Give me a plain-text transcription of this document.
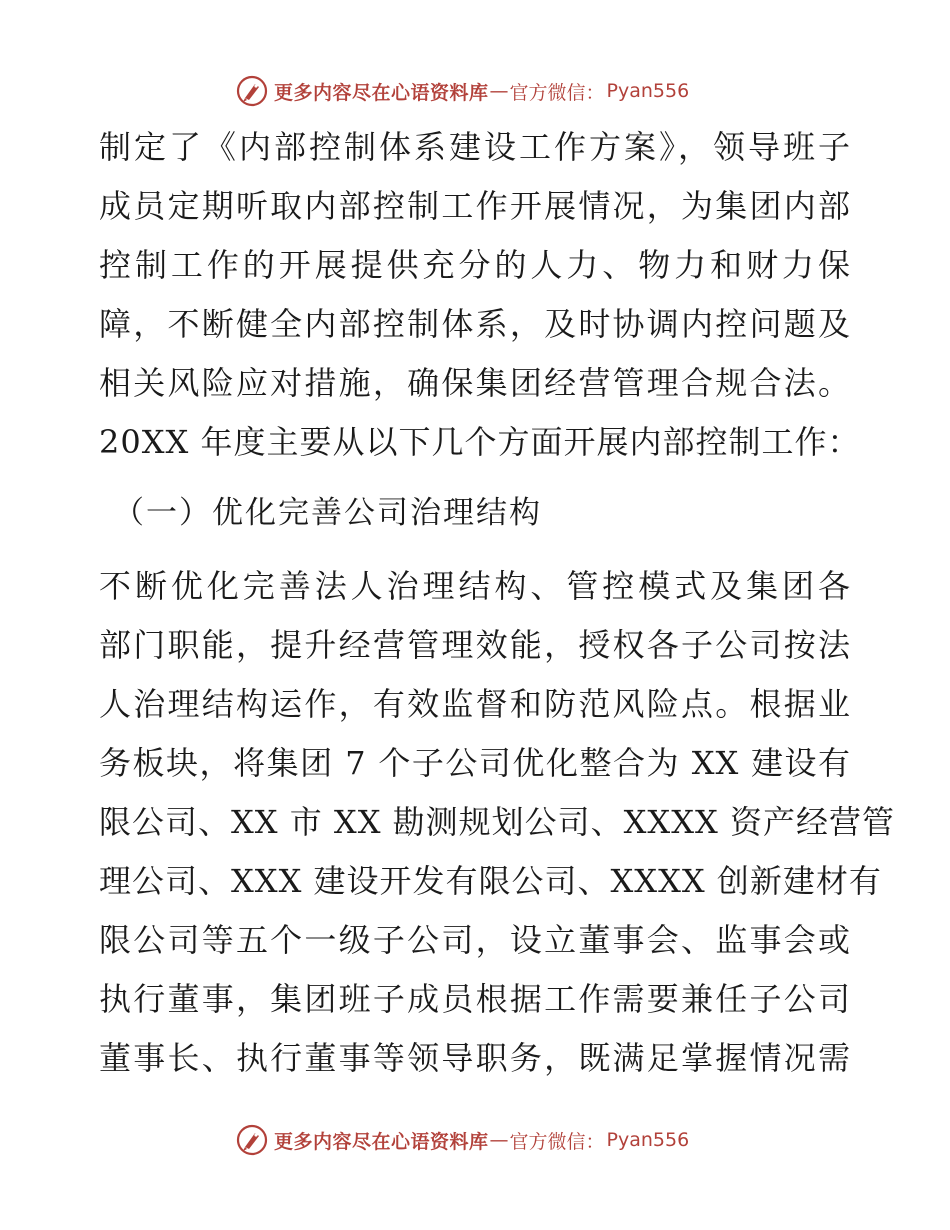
更多内容尽在心语资料库 — 官方微信： Pyan556
制定了《内部控制体系建设工作方案》，领导班子
成员定期听取内部控制工作开展情况，为集团内部
控制工作的开展提供充分的人力、物力和财力保
障，不断健全内部控制体系，及时协调内控问题及
相关风险应对措施，确保集团经营管理合规合法。
20XX 年度主要从以下几个方面开展内部控制工作：
（一）优化完善公司治理结构
不断优化完善法人治理结构、管控模式及集团各
部门职能，提升经营管理效能，授权各子公司按法
人治理结构运作，有效监督和防范风险点。根据业
务板块，将集团 7 个子公司优化整合为 XX 建设有
限公司、XX 市 XX 勘测规划公司、XXXX 资产经营管
理公司、XXX 建设开发有限公司、XXXX 创新建材有
限公司等五个一级子公司，设立董事会、监事会或
执行董事，集团班子成员根据工作需要兼任子公司
董事长、执行董事等领导职务，既满足掌握情况需
更多内容尽在心语资料库 — 官方微信： Pyan556
